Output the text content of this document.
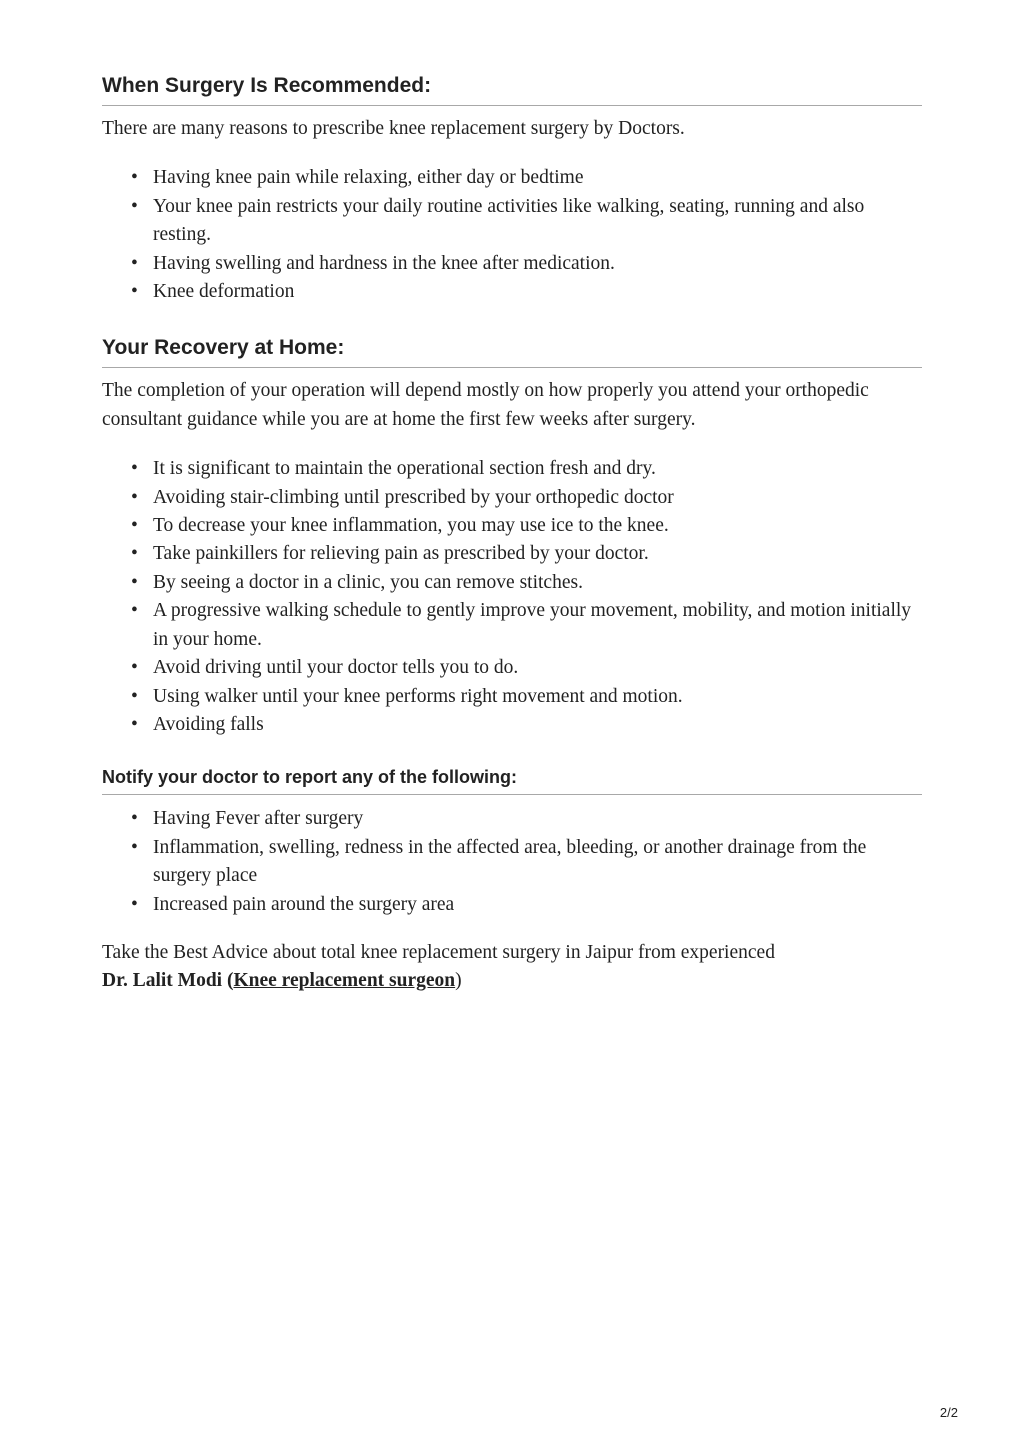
When Surgery Is Recommended:

There are many reasons to prescribe knee replacement surgery by Doctors.

• Having knee pain while relaxing, either day or bedtime
• Your knee pain restricts your daily routine activities like walking, seating, running and also resting.
• Having swelling and hardness in the knee after medication.
• Knee deformation
Your Recovery at Home:

The completion of your operation will depend mostly on how properly you attend your orthopedic consultant guidance while you are at home the first few weeks after surgery.

• It is significant to maintain the operational section fresh and dry.
• Avoiding stair-climbing until prescribed by your orthopedic doctor
• To decrease your knee inflammation, you may use ice to the knee.
• Take painkillers for relieving pain as prescribed by your doctor.
• By seeing a doctor in a clinic, you can remove stitches.
• A progressive walking schedule to gently improve your movement, mobility, and motion initially in your home.
• Avoid driving until your doctor tells you to do.
• Using walker until your knee performs right movement and motion.
• Avoiding falls
Notify your doctor to report any of the following:
• Having Fever after surgery
• Inflammation, swelling, redness in the affected area, bleeding, or another drainage from the surgery place
• Increased pain around the surgery area

Take the Best Advice about total knee replacement surgery in Jaipur from experienced
Dr. Lalit Modi (Knee replacement surgeon)

2/2
